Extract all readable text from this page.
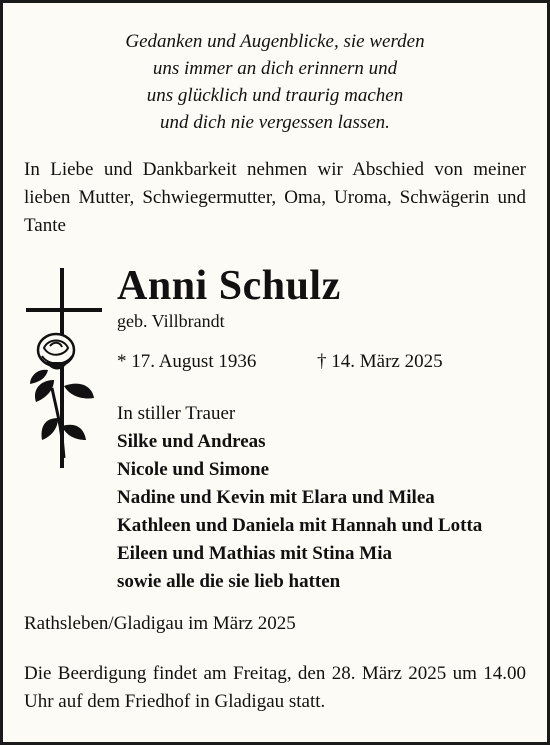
Gedanken und Augenblicke, sie werden
uns immer an dich erinnern und
uns glücklich und traurig machen
und dich nie vergessen lassen.
In Liebe und Dankbarkeit nehmen wir Abschied von meiner lieben Mutter, Schwiegermutter, Oma, Uroma, Schwägerin und Tante
Anni Schulz
geb. Villbrandt
* 17. August 1936	† 14. März 2025
In stiller Trauer
Silke und Andreas
Nicole und Simone
Nadine und Kevin mit Elara und Milea
Kathleen und Daniela mit Hannah und Lotta
Eileen und Mathias mit Stina Mia
sowie alle die sie lieb hatten
Rathsleben/Gladigau im März 2025
Die Beerdigung findet am Freitag, den 28. März 2025 um 14.00 Uhr auf dem Friedhof in Gladigau statt.
